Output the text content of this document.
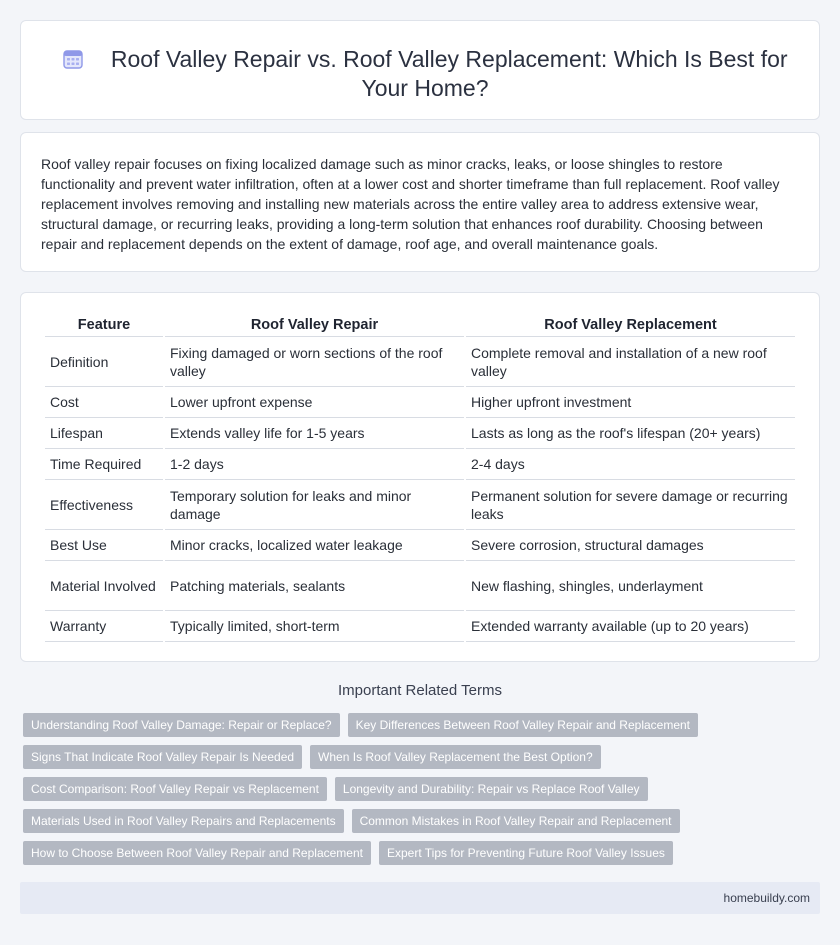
Roof Valley Repair vs. Roof Valley Replacement: Which Is Best for Your Home?

Roof valley repair focuses on fixing localized damage such as minor cracks, leaks, or loose shingles to restore functionality and prevent water infiltration, often at a lower cost and shorter timeframe than full replacement. Roof valley replacement involves removing and installing new materials across the entire valley area to address extensive wear, structural damage, or recurring leaks, providing a long-term solution that enhances roof durability. Choosing between repair and replacement depends on the extent of damage, roof age, and overall maintenance goals.

Feature	Roof Valley Repair	Roof Valley Replacement
Definition	Fixing damaged or worn sections of the roof valley	Complete removal and installation of a new roof valley
Cost	Lower upfront expense	Higher upfront investment
Lifespan	Extends valley life for 1-5 years	Lasts as long as the roof's lifespan (20+ years)
Time Required	1-2 days	2-4 days
Effectiveness	Temporary solution for leaks and minor damage	Permanent solution for severe damage or recurring leaks
Best Use	Minor cracks, localized water leakage	Severe corrosion, structural damages
Material Involved	Patching materials, sealants	New flashing, shingles, underlayment
Warranty	Typically limited, short-term	Extended warranty available (up to 20 years)
Important Related Terms
Understanding Roof Valley Damage: Repair or Replace?	Key Differences Between Roof Valley Repair and Replacement
Signs That Indicate Roof Valley Repair Is Needed	When Is Roof Valley Replacement the Best Option?
Cost Comparison: Roof Valley Repair vs Replacement	Longevity and Durability: Repair vs Replace Roof Valley
Materials Used in Roof Valley Repairs and Replacements	Common Mistakes in Roof Valley Repair and Replacement
How to Choose Between Roof Valley Repair and Replacement	Expert Tips for Preventing Future Roof Valley Issues
homebuildy.com
